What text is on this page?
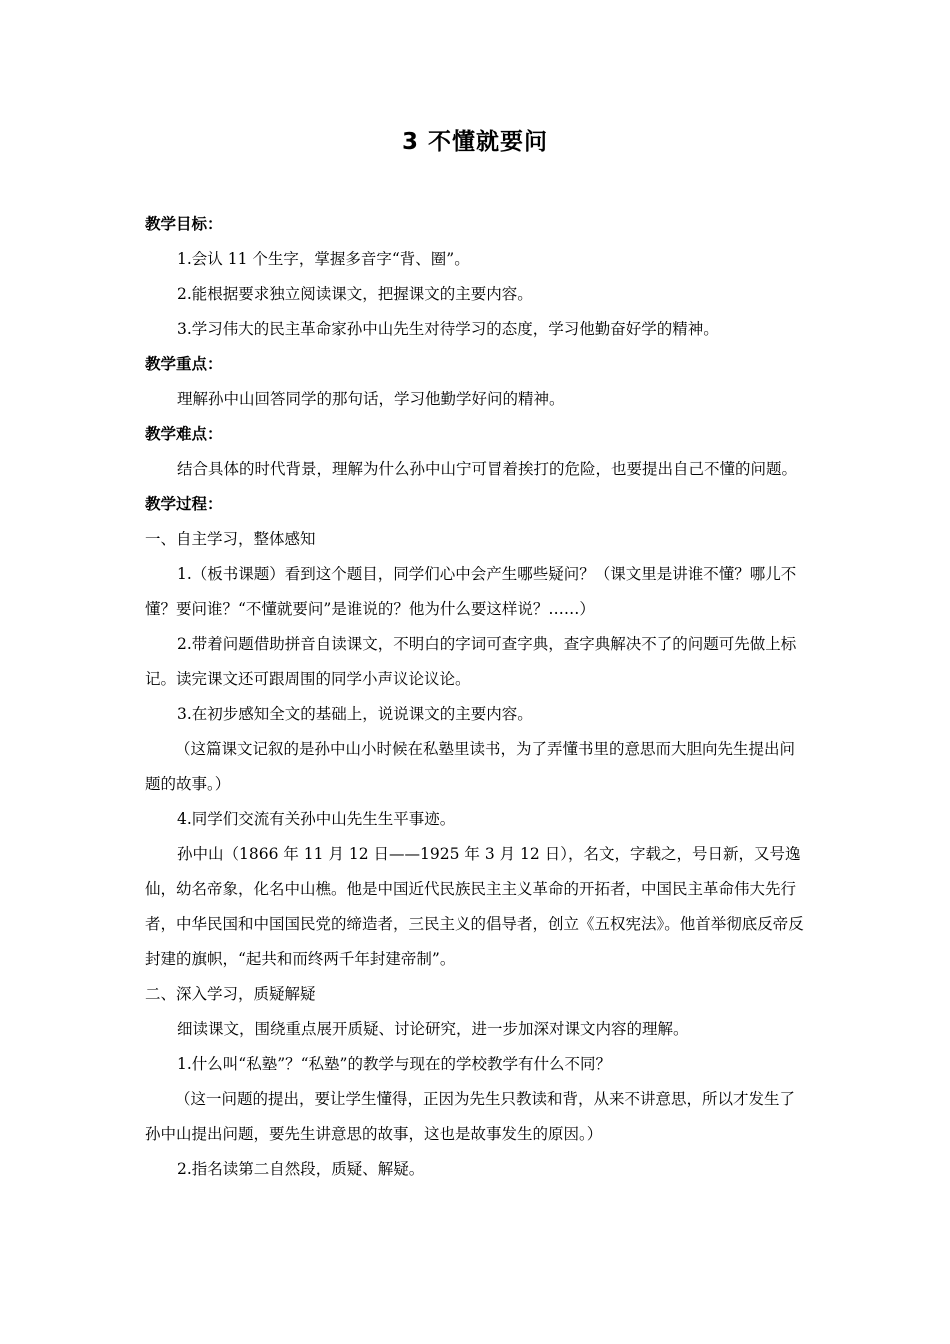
3 不懂就要问

教学目标：

1.会认 11 个生字，掌握多音字“背、圈”。

2.能根据要求独立阅读课文，把握课文的主要内容。

3.学习伟大的民主革命家孙中山先生对待学习的态度，学习他勤奋好学的精神。

教学重点：

理解孙中山回答同学的那句话，学习他勤学好问的精神。

教学难点：

结合具体的时代背景，理解为什么孙中山宁可冒着挨打的危险，也要提出自己不懂的问题。

教学过程：

一、自主学习，整体感知

1.（板书课题）看到这个题目，同学们心中会产生哪些疑问？（课文里是讲谁不懂？哪儿不懂？要问谁？“不懂就要问”是谁说的？他为什么要这样说？……）

2.带着问题借助拼音自读课文，不明白的字词可查字典，查字典解决不了的问题可先做上标记。读完课文还可跟周围的同学小声议论议论。

3.在初步感知全文的基础上，说说课文的主要内容。

（这篇课文记叙的是孙中山小时候在私塾里读书，为了弄懂书里的意思而大胆向先生提出问题的故事。）

4.同学们交流有关孙中山先生生平事迹。

孙中山（1866 年 11 月 12 日——1925 年 3 月 12 日），名文，字载之，号日新，又号逸仙，幼名帝象，化名中山樵。他是中国近代民族民主主义革命的开拓者，中国民主革命伟大先行者，中华民国和中国国民党的缔造者，三民主义的倡导者，创立《五权宪法》。他首举彻底反帝反封建的旗帜，“起共和而终两千年封建帝制”。

二、深入学习，质疑解疑

细读课文，围绕重点展开质疑、讨论研究，进一步加深对课文内容的理解。

1.什么叫“私塾”？“私塾”的教学与现在的学校教学有什么不同？

（这一问题的提出，要让学生懂得，正因为先生只教读和背，从来不讲意思，所以才发生了孙中山提出问题，要先生讲意思的故事，这也是故事发生的原因。）

2.指名读第二自然段，质疑、解疑。
